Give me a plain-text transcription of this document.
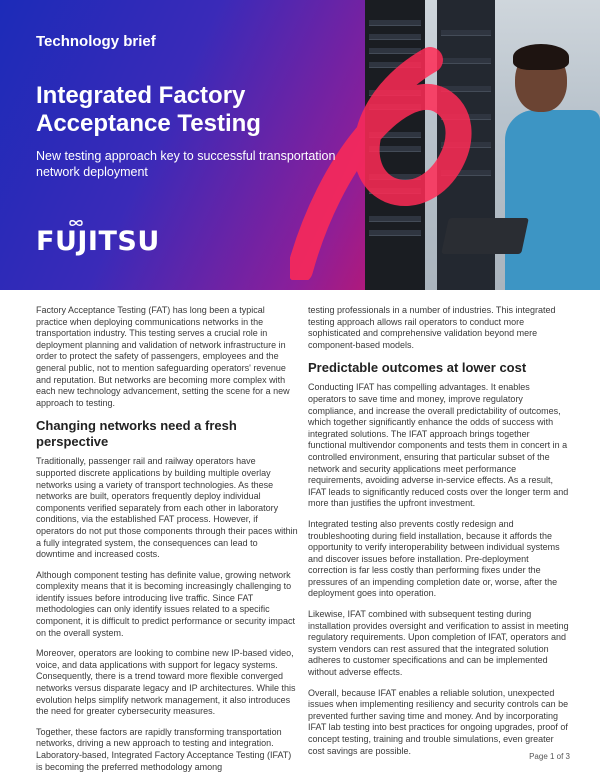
Technology brief
Integrated Factory Acceptance Testing
New testing approach key to successful transportation network deployment
FUJITSU

Factory Acceptance Testing (FAT) has long been a typical practice when deploying communications networks in the transportation industry. This testing serves a crucial role in deployment planning and validation of network infrastructure in order to protect the safety of passengers, employees and the general public, not to mention safeguarding operators' revenue and reputation. But networks are becoming more complex with each new technology advancement, setting the scene for a new approach to testing.

Changing networks need a fresh perspective

Traditionally, passenger rail and railway operators have supported discrete applications by building multiple overlay networks using a variety of transport technologies. As these networks are built, operators frequently deploy individual components verified separately from each other in laboratory conditions, via the established FAT process. However, if operators do not put those components through their paces within a fully integrated system, the consequences can lead to downtime and increased costs.

Although component testing has definite value, growing network complexity means that it is becoming increasingly challenging to identify issues before introducing live traffic. Since FAT methodologies can only identify issues related to a specific component, it is difficult to predict performance or security impact on the overall system.

Moreover, operators are looking to combine new IP-based video, voice, and data applications with support for legacy systems. Consequently, there is a trend toward more flexible converged networks versus disparate legacy and IP architectures. While this evolution helps simplify network management, it also introduces the need for greater cybersecurity measures.

Together, these factors are rapidly transforming transportation networks, driving a new approach to testing and integration. Laboratory-based, Integrated Factory Acceptance Testing (IFAT) is becoming the preferred methodology among

testing professionals in a number of industries. This integrated testing approach allows rail operators to conduct more sophisticated and comprehensive validation beyond mere component-based models.

Predictable outcomes at lower cost

Conducting IFAT has compelling advantages. It enables operators to save time and money, improve regulatory compliance, and increase the overall predictability of outcomes, which together significantly enhance the odds of success with integrated solutions. The IFAT approach brings together functional multivendor components and tests them in concert in a controlled environment, ensuring that particular subset of the network and security applications meet performance requirements, avoiding adverse in-service effects. As a result, IFAT leads to significantly reduced costs over the longer term and more than justifies the upfront investment.

Integrated testing also prevents costly redesign and troubleshooting during field installation, because it affords the opportunity to verify interoperability between individual systems and discover issues before installation. Pre-deployment correction is far less costly than performing fixes under the pressures of an impending completion date or, worse, after the deployment goes into operation.

Likewise, IFAT combined with subsequent testing during installation provides oversight and verification to assist in meeting regulatory requirements. Upon completion of IFAT, operators and system vendors can rest assured that the integrated solution adheres to customer specifications and can be implemented without adverse effects.

Overall, because IFAT enables a reliable solution, unexpected issues when implementing resiliency and security controls can be prevented further saving time and money. And by incorporating IFAT lab testing into best practices for ongoing upgrades, proof of concept testing, training and trouble simulations, even greater cost savings are possible.

Page 1 of 3
